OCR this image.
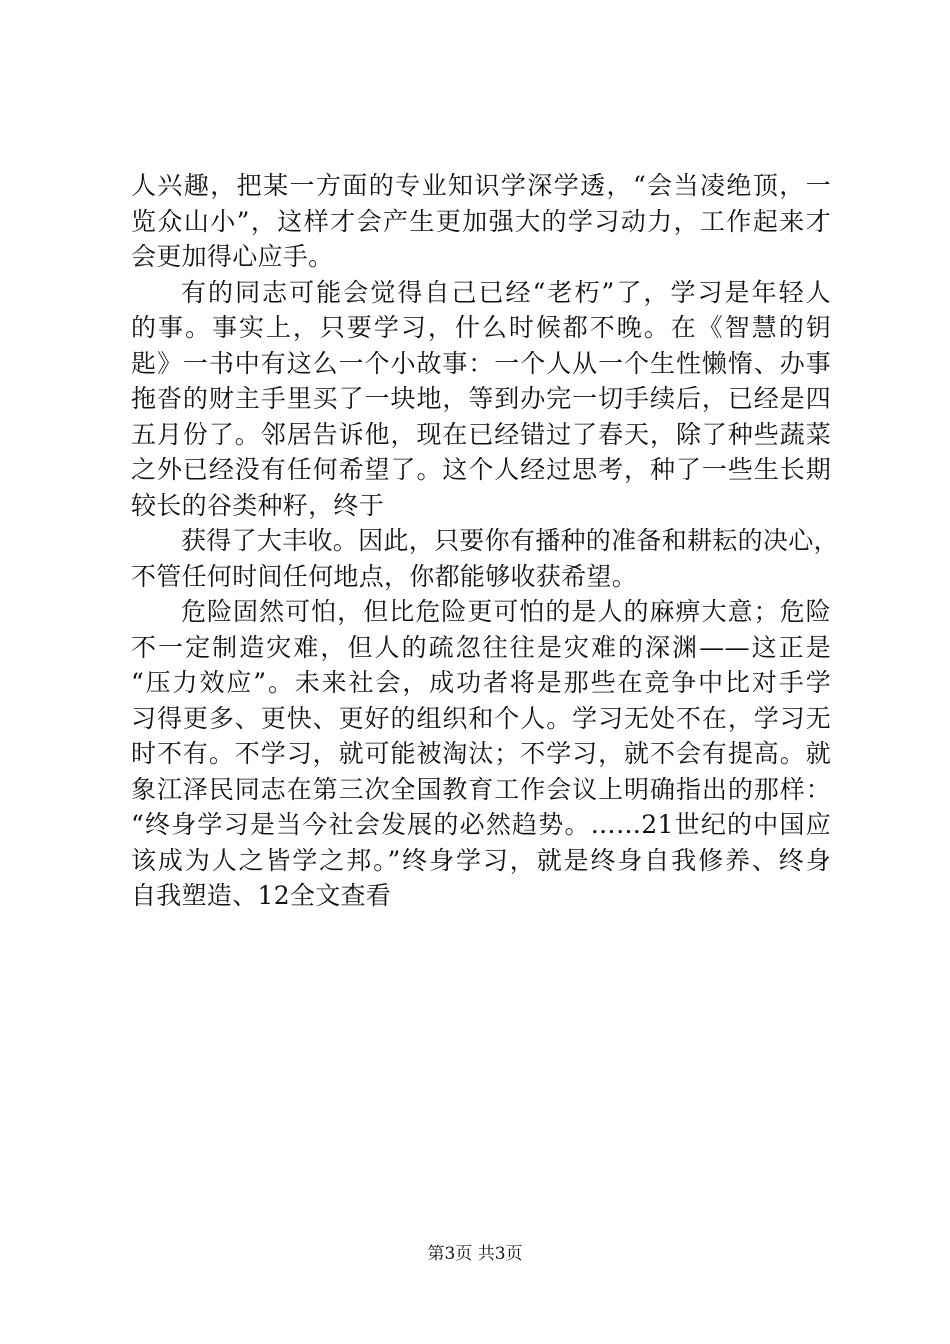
人兴趣，把某一方面的专业知识学深学透，“会当凌绝顶，一
览众山小”，这样才会产生更加强大的学习动力，工作起来才
会更加得心应手。
有的同志可能会觉得自己已经“老朽”了，学习是年轻人
的事。事实上，只要学习，什么时候都不晚。在《智慧的钥
匙》一书中有这么一个小故事：一个人从一个生性懒惰、办事
拖沓的财主手里买了一块地，等到办完一切手续后，已经是四
五月份了。邻居告诉他，现在已经错过了春天，除了种些蔬菜
之外已经没有任何希望了。这个人经过思考，种了一些生长期
较长的谷类种籽，终于
获得了大丰收。因此，只要你有播种的准备和耕耘的决心，
不管任何时间任何地点，你都能够收获希望。
危险固然可怕，但比危险更可怕的是人的麻痹大意；危险
不一定制造灾难，但人的疏忽往往是灾难的深渊——这正是
“压力效应”。未来社会，成功者将是那些在竞争中比对手学
习得更多、更快、更好的组织和个人。学习无处不在，学习无
时不有。不学习，就可能被淘汰；不学习，就不会有提高。就
象江泽民同志在第三次全国教育工作会议上明确指出的那样：
“终身学习是当今社会发展的必然趋势。……21世纪的中国应
该成为人之皆学之邦。”终身学习，就是终身自我修养、终身
自我塑造、12全文查看
第3页 共3页
